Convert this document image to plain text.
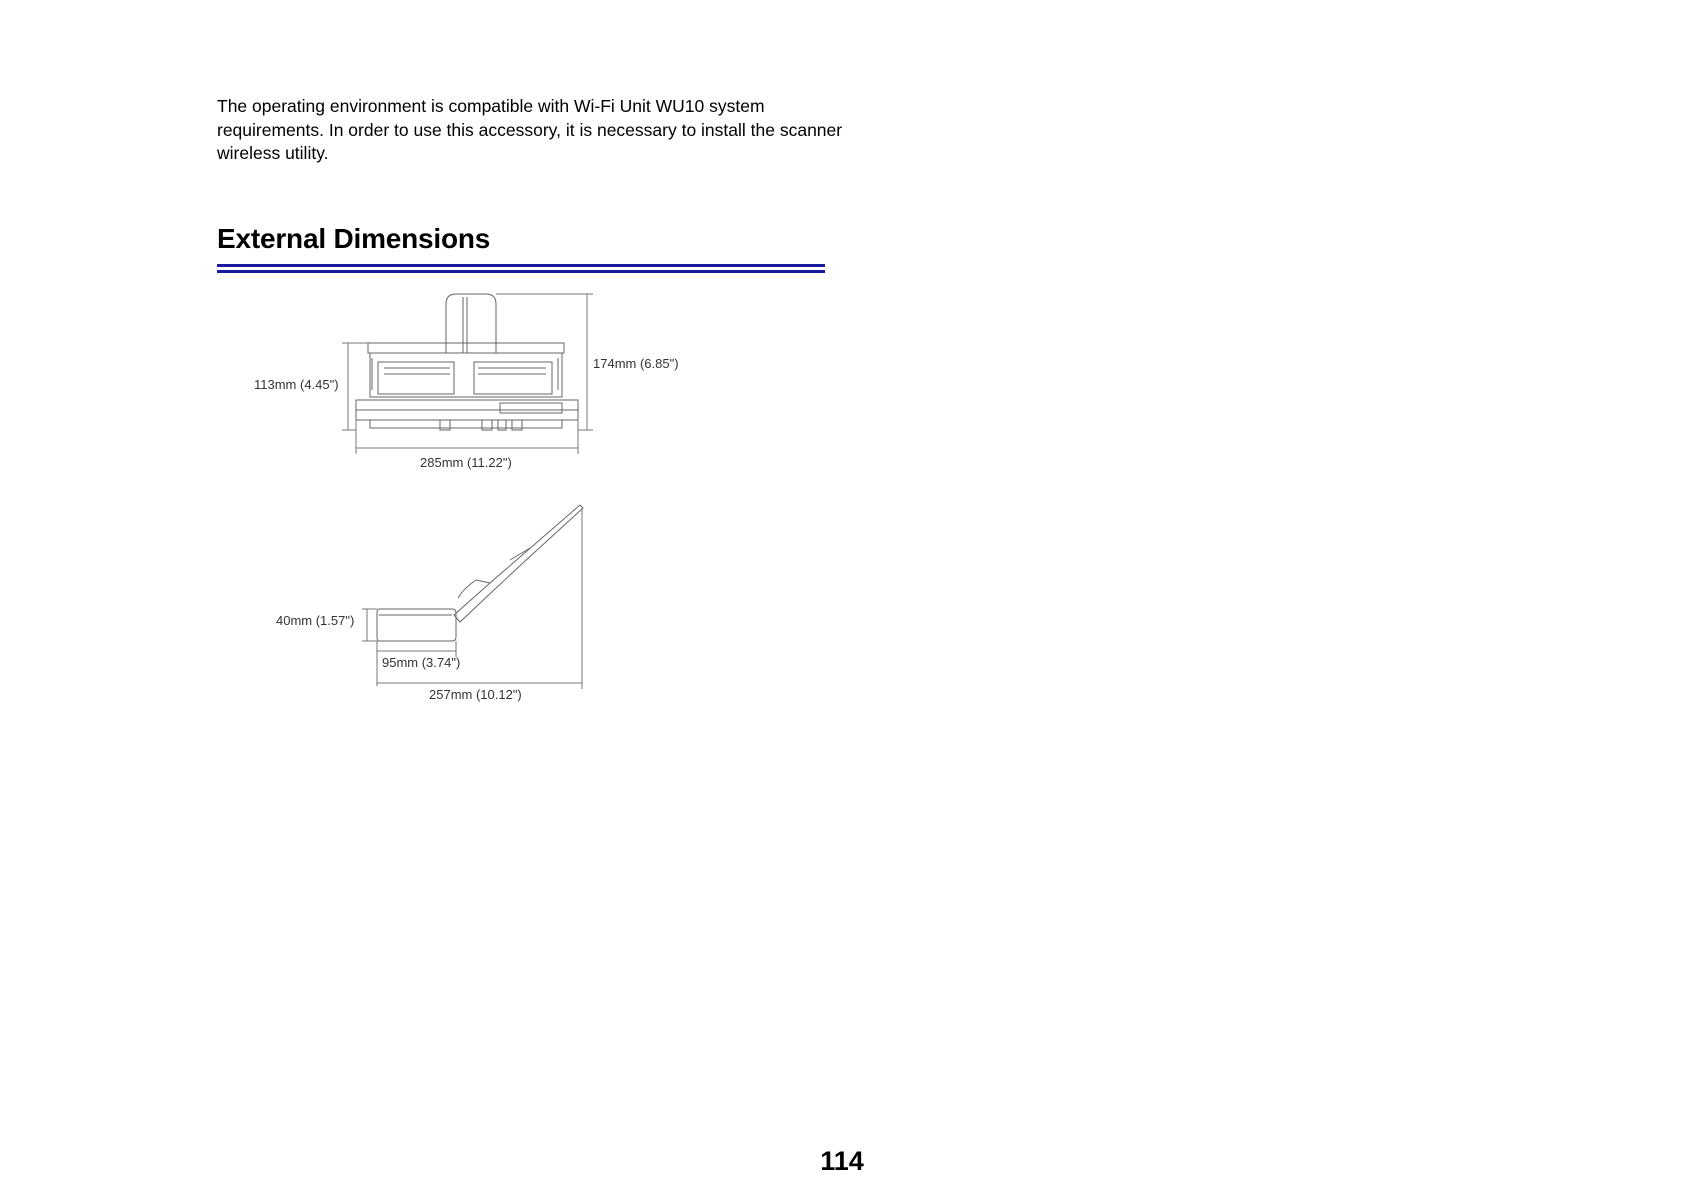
The operating environment is compatible with Wi-Fi Unit WU10 system requirements. In order to use this accessory, it is necessary to install the scanner wireless utility.

External Dimensions
113mm (4.45")
174mm (6.85")
285mm (11.22")
40mm (1.57")
95mm (3.74")
257mm (10.12")

114
